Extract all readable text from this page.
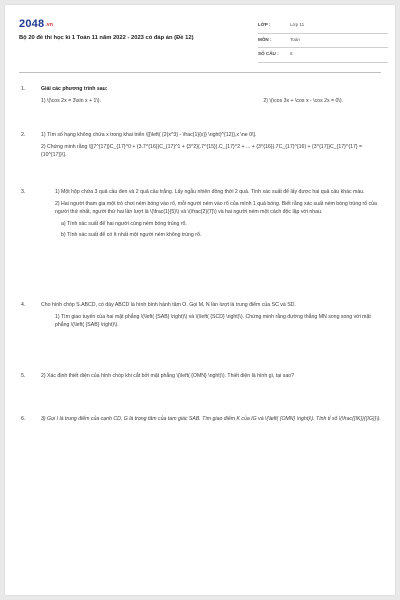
2048.vn
Bộ 20 đề thi học kì 1 Toán 11 năm 2022 - 2023 có đáp án (Đề 12)
LỚP :	Lớp 11
MÔN :	Toán
SỐ CÂU : 6
1.	Giải các phương trình sau:
1) \(\cos 2x = 3\sin x + 1\).	2) \(\cos 3x + \cos x - \cos 2x = 0\).
2.	1) Tìm số hạng không chứa x trong khai triển \[{\left( {2{x^3} - \frac{1}{x}} \right)^{12}},x \ne 0\].
2) Chứng minh rằng \[{7^{17}}C_{17}^0 + {3.7^{16}}C_{17}^1 + {3^2}{.7^{15}}.C_{17}^2 + ... + {3^{16}}.7C_{17}^{16} + {3^{17}}C_{17}^{17} = {10^{17}}\].
3.	1) Một hộp chứa 3 quả cầu đen và 2 quả cầu trắng. Lấy ngẫu nhiên đồng thời 2 quả. Tính xác suất để lấy được hai quả cầu khác màu.
2) Hai người tham gia một trò chơi ném bóng vào rổ, mỗi người ném vào rổ của mình 1 quả bóng. Biết rằng xác suất ném bóng trúng rổ của người thứ nhất, người thứ hai lần lượt là \(\frac{1}{5}\) và \(\frac{2}{7}\) và hai người ném một cách độc lập với nhau.
a) Tính xác suất để hai người cùng ném bóng trúng rổ.
b) Tính xác suất để có ít nhất một người ném không trúng rổ.
4.	Cho hình chóp S.ABCD, có đáy ABCD là hình bình hành tâm O. Gọi M, N lần lượt là trung điểm của SC và SD.
1) Tìm giao tuyến của hai mặt phẳng \(\left( {SAB} \right)\) và \(\left( {SCD} \right)\). Chứng minh rằng đường thẳng MN song song với mặt phẳng \(\left( {SAB} \right)\).
5.	2) Xác định thiết diện của hình chóp khi cắt bởi mặt phẳng \(\left( {OMN} \right)\). Thiết diện là hình gì, tại sao?
6.	3) Gọi I là trung điểm của cạnh CD, G là trọng tâm của tam giác SAB. Tìm giao điểm K của IG và \(\left( {OMN} \right)\). Tính tỉ số \(\frac{{IK}}{{IG}}\).
